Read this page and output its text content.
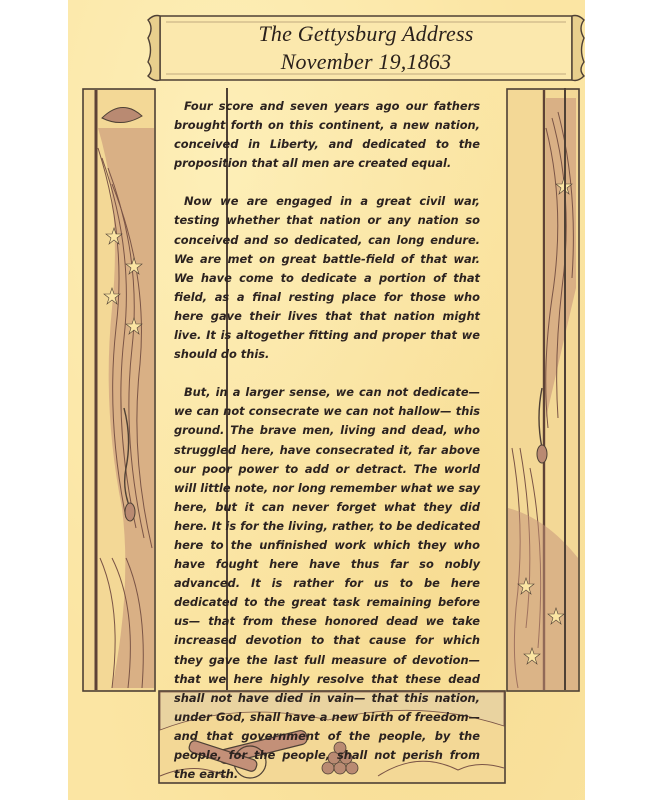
The Gettysburg Address
November 19,1863

Four score and seven years ago our fathers brought forth on this continent, a new nation, conceived in Liberty, and dedicated to the proposition that all men are created equal.

Now we are engaged in a great civil war, testing whether that nation or any nation so conceived and so dedicated, can long endure. We are met on great battle-field of that war. We have come to dedicate a portion of that field, as a final resting place for those who here gave their lives that that nation might live. It is altogether fitting and proper that we should do this.

But, in a larger sense, we can not dedicate— we can not consecrate we can not hallow— this ground. The brave men, living and dead, who struggled here, have consecrated it, far above our poor power to add or detract. The world will little note, nor long remember what we say here, but it can never forget what they did here. It is for the living, rather, to be dedicated here to the unfinished work which they who have fought here have thus far so nobly advanced. It is rather for us to be here dedicated to the great task remaining before us— that from these honored dead we take increased devotion to that cause for which they gave the last full measure of devotion— that we here highly resolve that these dead shall not have died in vain— that this nation, under God, shall have a new birth of freedom— and that government of the people, by the people, for the people, shall not perish from the earth.
